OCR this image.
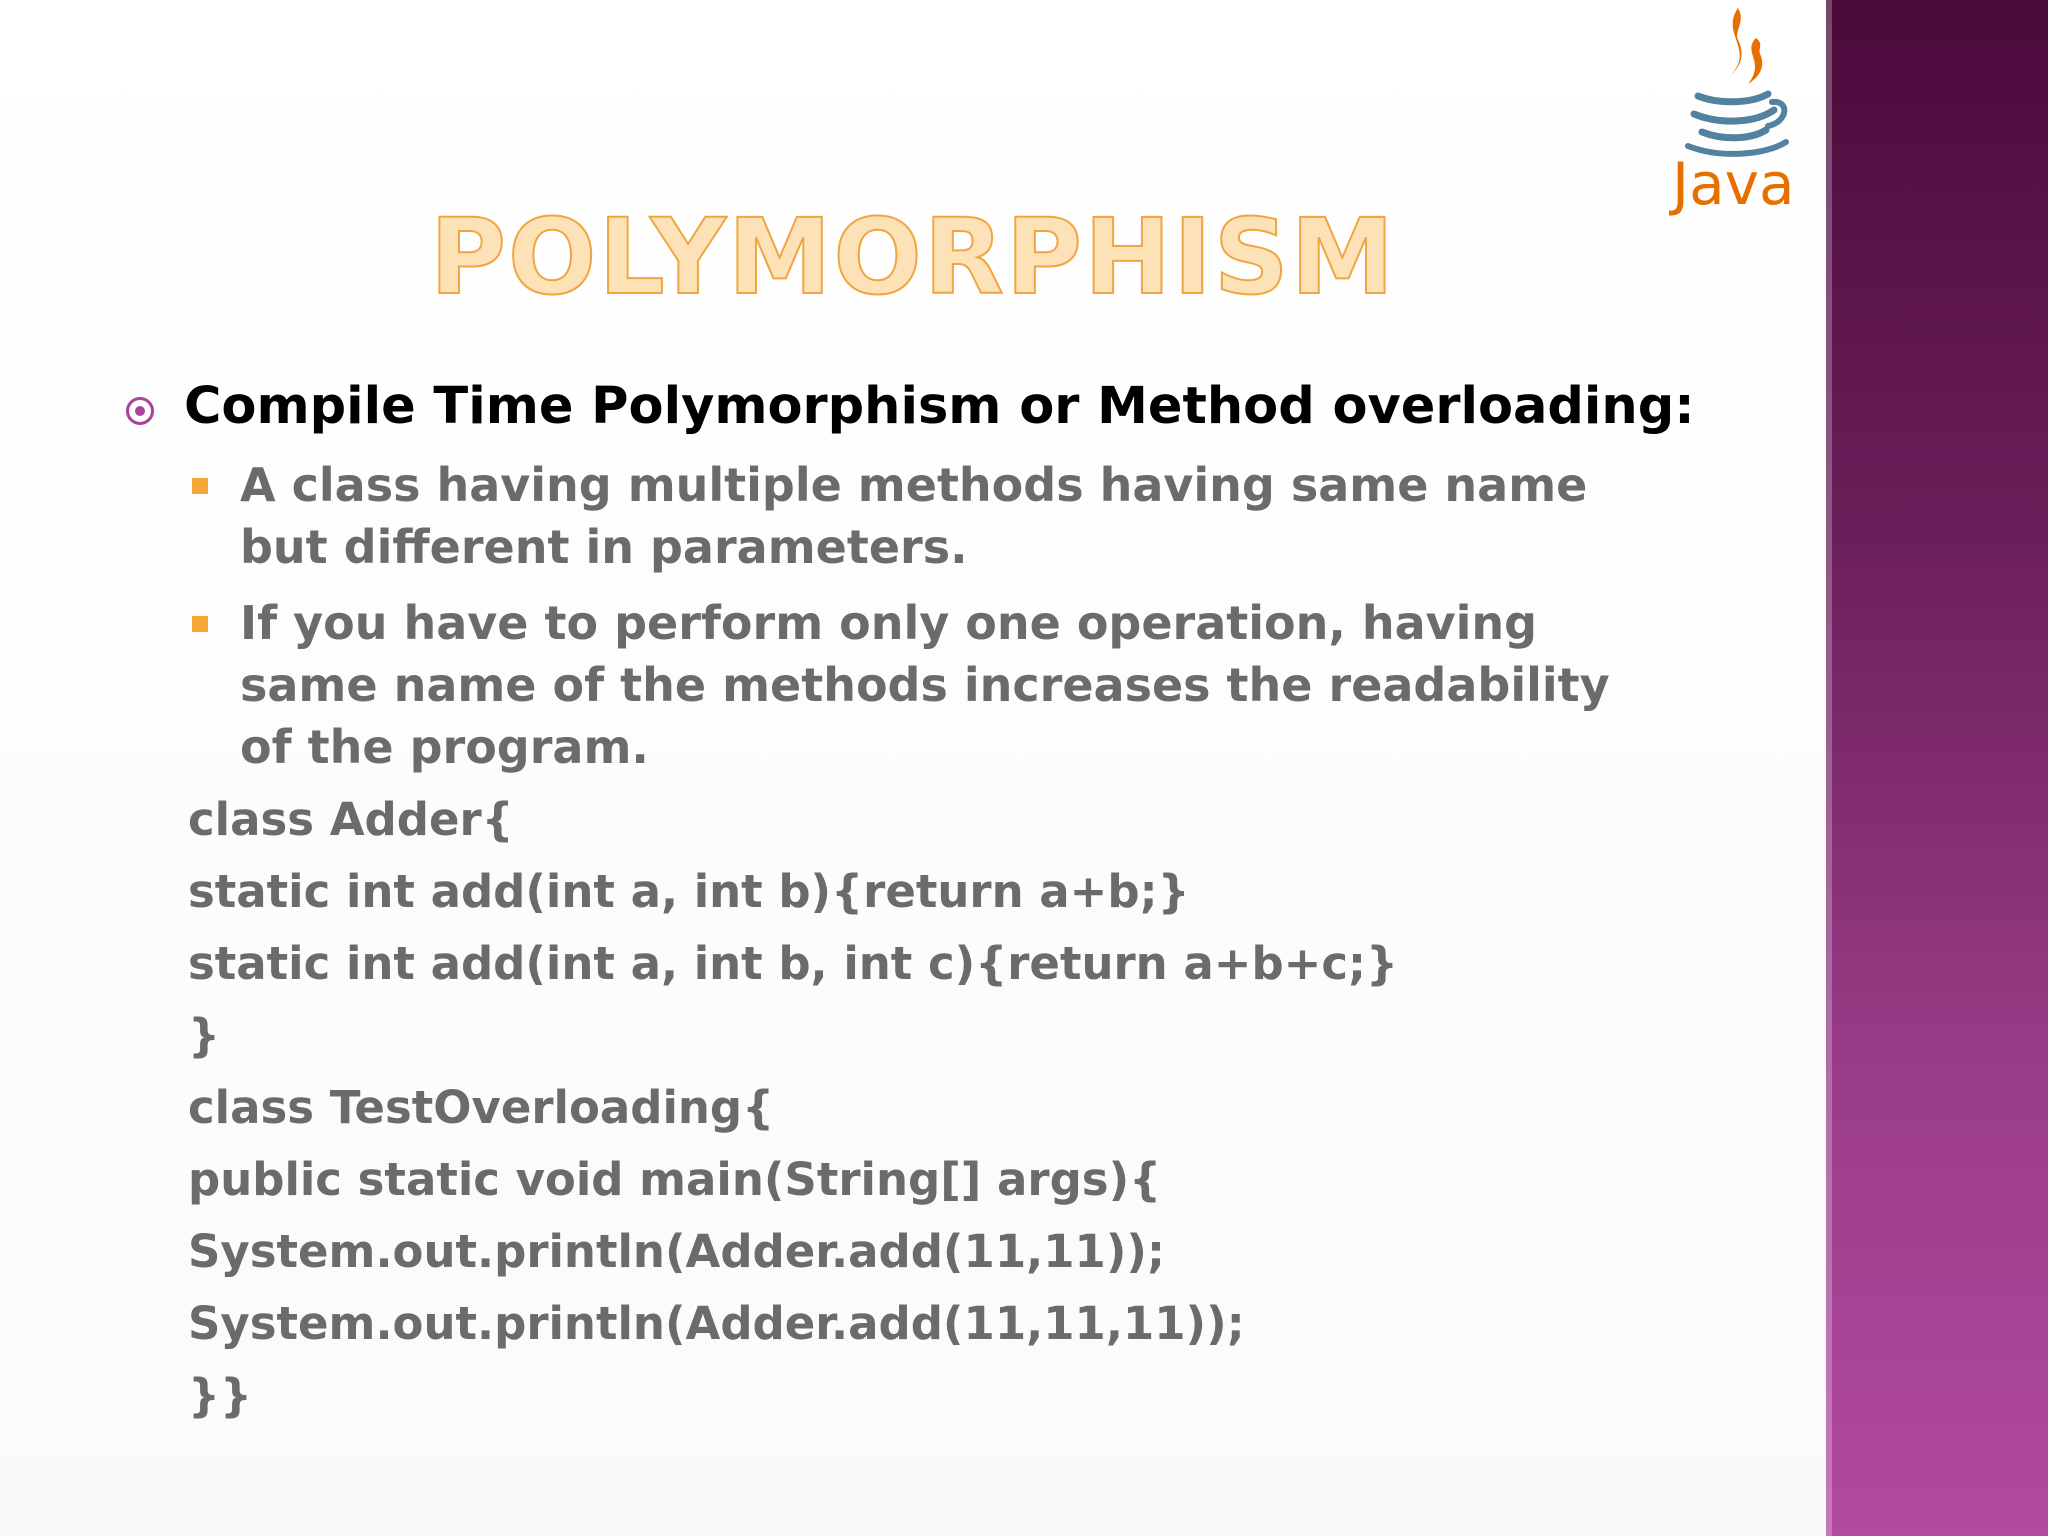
Java
POLYMORPHISM
Compile Time Polymorphism or Method overloading:
A class having multiple methods having same name but different in parameters.
If you have to perform only one operation, having same name of the methods increases the readability of the program.
class Adder{
static int add(int a, int b){return a+b;}
static int add(int a, int b, int c){return a+b+c;}
}
class TestOverloading{
public static void main(String[] args){
System.out.println(Adder.add(11,11));
System.out.println(Adder.add(11,11,11));
}}
